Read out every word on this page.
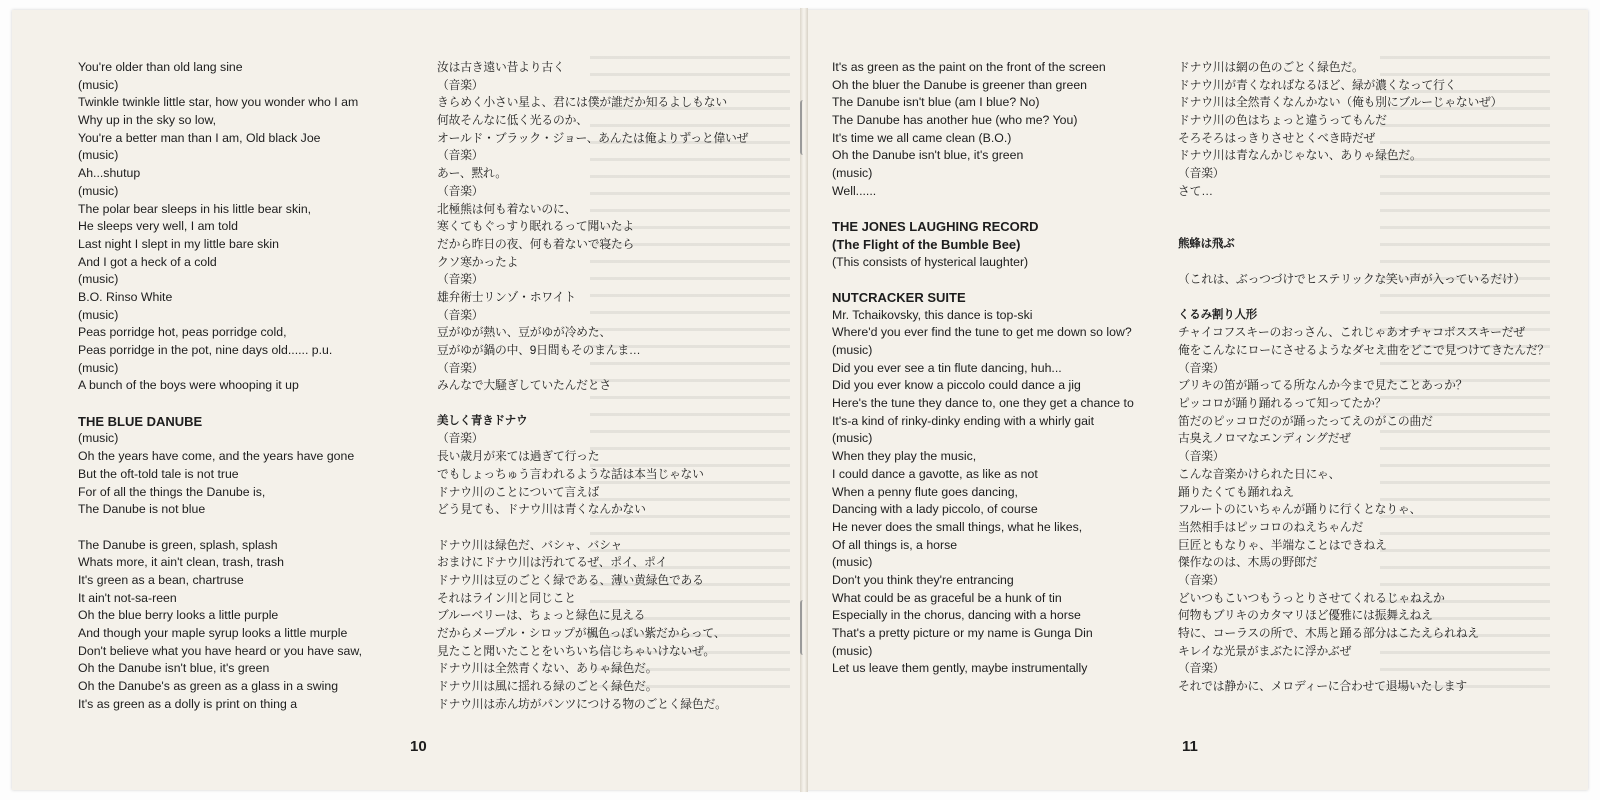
You're older than old lang sine
(music)
Twinkle twinkle little star, how you wonder who I am
Why up in the sky so low,
You're a better man than I am, Old black Joe
(music)
Ah...shutup
(music)
The polar bear sleeps in his little bear skin,
He sleeps very well, I am told
Last night I slept in my little bare skin
And I got a heck of a cold
(music)
B.O. Rinso White
(music)
Peas porridge hot, peas porridge cold,
Peas porridge in the pot, nine days old...... p.u.
(music)
A bunch of the boys were whooping it up
THE BLUE DANUBE
(music)
Oh the years have come, and the years have gone
But the oft-told tale is not true
For of all the things the Danube is,
The Danube is not blue
The Danube is green, splash, splash
Whats more, it ain't clean, trash, trash
It's green as a bean, chartruse
It ain't not-sa-reen
Oh the blue berry looks a little purple
And though your maple syrup looks a little murple
Don't believe what you have heard or you have saw,
Oh the Danube isn't blue, it's green
Oh the Danube's as green as a glass in a swing
It's as green as a dolly is print on thing a
汝は古き遠い昔より古く
（音楽）
きらめく小さい星よ、君には僕が誰だか知るよしもない
何故そんなに低く光るのか、
オールド・ブラック・ジョー、あんたは俺よりずっと偉いぜ
（音楽）
あー、黙れ。
（音楽）
北極熊は何も着ないのに、
寒くてもぐっすり眠れるって聞いたよ
だから昨日の夜、何も着ないで寝たら
クソ寒かったよ
（音楽）
雄弁術士リンゾ・ホワイト
（音楽）
豆がゆが熱い、豆がゆが冷めた、
豆がゆが鍋の中、9日間もそのまんま…
（音楽）
みんなで大騒ぎしていたんだとさ
美しく青きドナウ
（音楽）
長い歳月が来ては過ぎて行った
でもしょっちゅう言われるような話は本当じゃない
ドナウ川のことについて言えば
どう見ても、ドナウ川は青くなんかない
ドナウ川は緑色だ、バシャ、バシャ
おまけにドナウ川は汚れてるぜ、ポイ、ポイ
ドナウ川は豆のごとく緑である、薄い黄緑色である
それはライン川と同じこと
ブルーベリーは、ちょっと緑色に見える
だからメープル・シロップが楓色っぽい紫だからって、
見たこと聞いたことをいちいち信じちゃいけないぜ。
ドナウ川は全然青くない、ありゃ緑色だ。
ドナウ川は風に揺れる緑のごとく緑色だ。
ドナウ川は赤ん坊がパンツにつける物のごとく緑色だ。
It's as green as the paint on the front of the screen
Oh the bluer the Danube is greener than green
The Danube isn't blue (am I blue? No)
The Danube has another hue (who me? You)
It's time we all came clean (B.O.)
Oh the Danube isn't blue, it's green
(music)
Well......
THE JONES LAUGHING RECORD
(The Flight of the Bumble Bee)
(This consists of hysterical laughter)
NUTCRACKER SUITE
Mr. Tchaikovsky, this dance is top-ski
Where'd you ever find the tune to get me down so low?
(music)
Did you ever see a tin flute dancing, huh...
Did you ever know a piccolo could dance a jig
Here's the tune they dance to, one they get a chance to
It's-a kind of rinky-dinky ending with a whirly gait
(music)
When they play the music,
I could dance a gavotte, as like as not
When a penny flute goes dancing,
Dancing with a lady piccolo, of course
He never does the small things, what he likes,
Of all things is, a horse
(music)
Don't you think they're entrancing
What could be as graceful be a hunk of tin
Especially in the chorus, dancing with a horse
That's a pretty picture or my name is Gunga Din
(music)
Let us leave them gently, maybe instrumentally
ドナウ川は網の色のごとく緑色だ。
ドナウ川が青くなればなるほど、緑が濃くなって行く
ドナウ川は全然青くなんかない（俺も別にブルーじゃないぜ）
ドナウ川の色はちょっと違うってもんだ
そろそろはっきりさせとくべき時だぜ
ドナウ川は青なんかじゃない、ありゃ緑色だ。
（音楽）
さて…
熊蜂は飛ぶ
（これは、ぶっつづけでヒステリックな笑い声が入っているだけ）
くるみ割り人形
チャイコフスキーのおっさん、これじゃあオチャコボススキーだぜ
俺をこんなにローにさせるようなダセえ曲をどこで見つけてきたんだ？
（音楽）
ブリキの笛が踊ってる所なんか今まで見たことあっか？
ピッコロが踊り踊れるって知ってたか？
笛だのピッコロだのが踊ったってえのがこの曲だ
古臭えノロマなエンディングだぜ
（音楽）
こんな音楽かけられた日にゃ、
踊りたくても踊れねえ
フルートのにいちゃんが踊りに行くとなりゃ、
当然相手はピッコロのねえちゃんだ
巨匠ともなりゃ、半端なことはできねえ
傑作なのは、木馬の野郎だ
（音楽）
どいつもこいつもうっとりさせてくれるじゃねえか
何物もブリキのカタマリほど優雅には振舞えねえ
特に、コーラスの所で、木馬と踊る部分はこたえられねえ
キレイな光景がまぶたに浮かぶぜ
（音楽）
それでは静かに、メロディーに合わせて退場いたします
10	11
